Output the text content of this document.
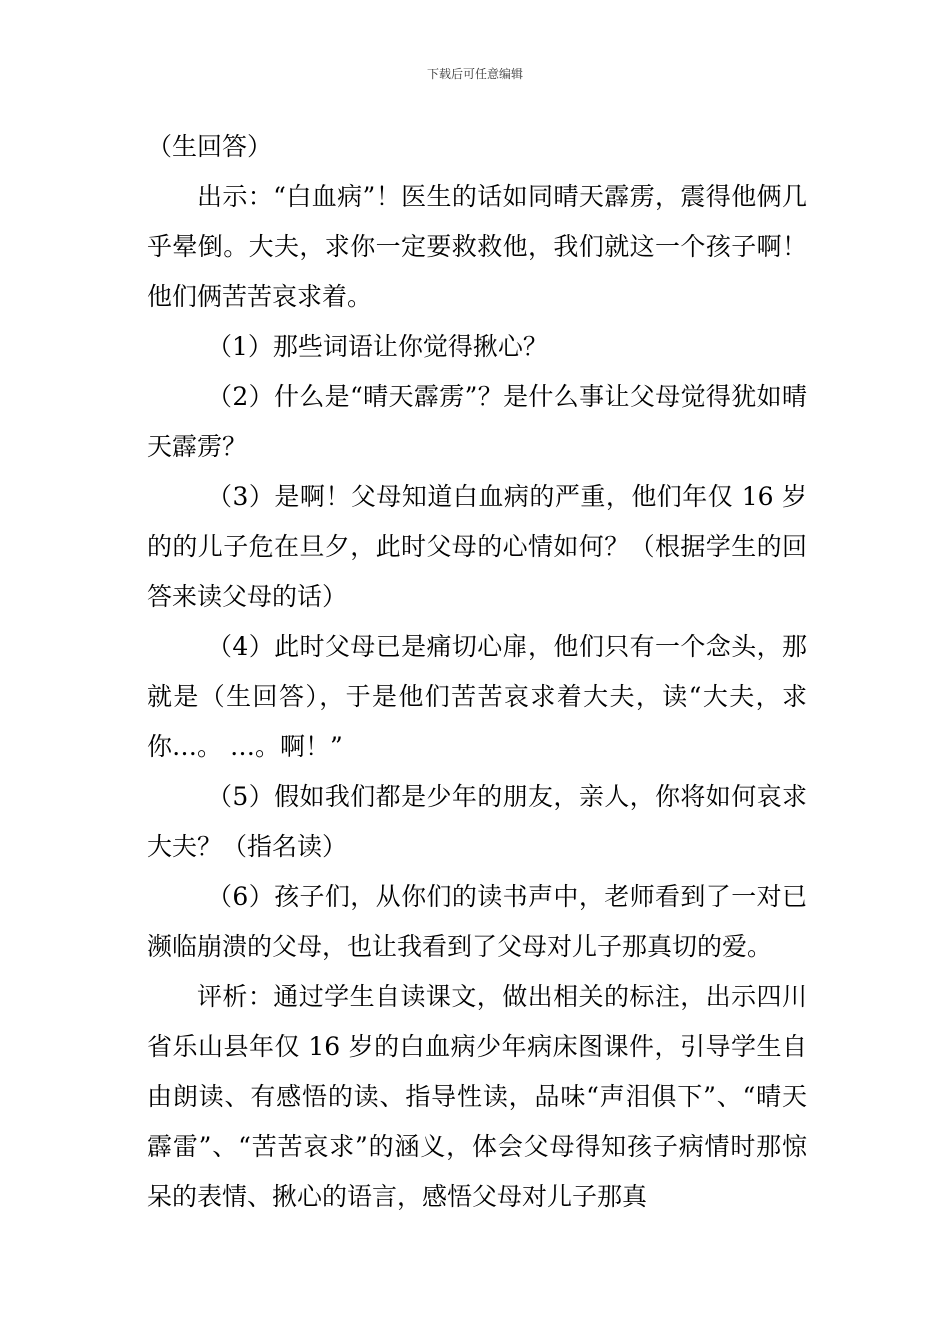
下载后可任意编辑

（生回答）

出示：“白血病”！医生的话如同晴天霹雳，震得他俩几乎晕倒。大夫，求你一定要救救他，我们就这一个孩子啊！他们俩苦苦哀求着。

（1）那些词语让你觉得揪心？

（2）什么是“晴天霹雳”？是什么事让父母觉得犹如晴天霹雳？

（3）是啊！父母知道白血病的严重，他们年仅 16 岁的的儿子危在旦夕，此时父母的心情如何？（根据学生的回答来读父母的话）

（4）此时父母已是痛切心扉，他们只有一个念头，那就是（生回答），于是他们苦苦哀求着大夫，读“大夫，求你…。 …。啊！”

（5）假如我们都是少年的朋友，亲人，你将如何哀求大夫？（指名读）

（6）孩子们，从你们的读书声中，老师看到了一对已濒临崩溃的父母，也让我看到了父母对儿子那真切的爱。

评析：通过学生自读课文，做出相关的标注，出示四川省乐山县年仅 16 岁的白血病少年病床图课件，引导学生自由朗读、有感悟的读、指导性读，品味“声泪俱下”、“晴天霹雷”、“苦苦哀求”的涵义，体会父母得知孩子病情时那惊呆的表情、揪心的语言，感悟父母对儿子那真
